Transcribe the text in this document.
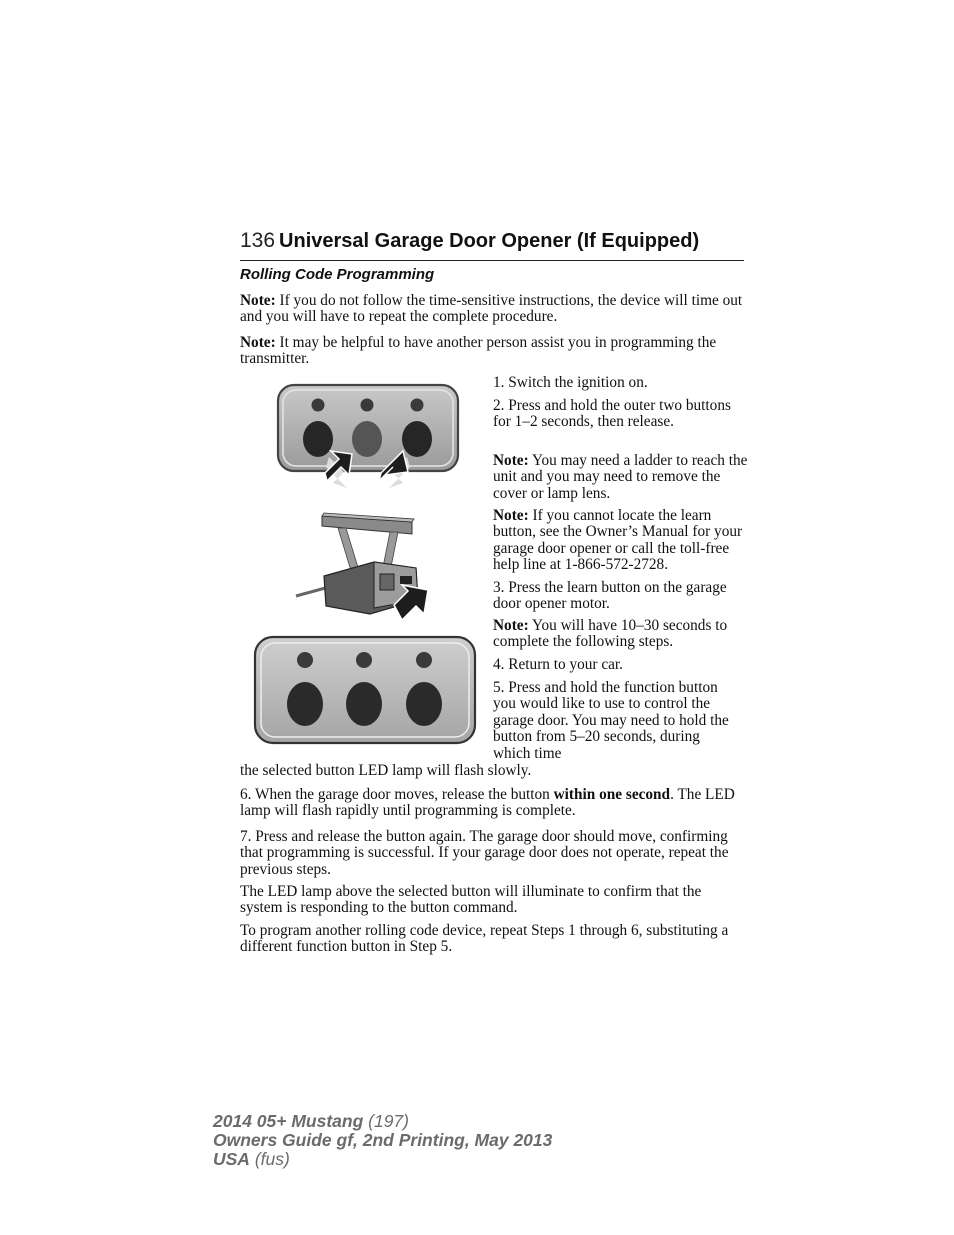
136 Universal Garage Door Opener (If Equipped)
Rolling Code Programming

Note: If you do not follow the time-sensitive instructions, the device will time out and you will have to repeat the complete procedure.

Note: It may be helpful to have another person assist you in programming the transmitter.

1. Switch the ignition on.

2. Press and hold the outer two buttons for 1–2 seconds, then release.

Note: You may need a ladder to reach the unit and you may need to remove the cover or lamp lens.

Note: If you cannot locate the learn button, see the Owner’s Manual for your garage door opener or call the toll-free help line at 1-866-572-2728.

3. Press the learn button on the garage door opener motor.

Note: You will have 10–30 seconds to complete the following steps.

4. Return to your car.

5. Press and hold the function button you would like to use to control the garage door. You may need to hold the button from 5–20 seconds, during which time

the selected button LED lamp will flash slowly.

6. When the garage door moves, release the button within one second. The LED lamp will flash rapidly until programming is complete.

7. Press and release the button again. The garage door should move, confirming that programming is successful. If your garage door does not operate, repeat the previous steps.

The LED lamp above the selected button will illuminate to confirm that the system is responding to the button command.

To program another rolling code device, repeat Steps 1 through 6, substituting a different function button in Step 5.

2014 05+ Mustang (197)
Owners Guide gf, 2nd Printing, May 2013
USA (fus)
